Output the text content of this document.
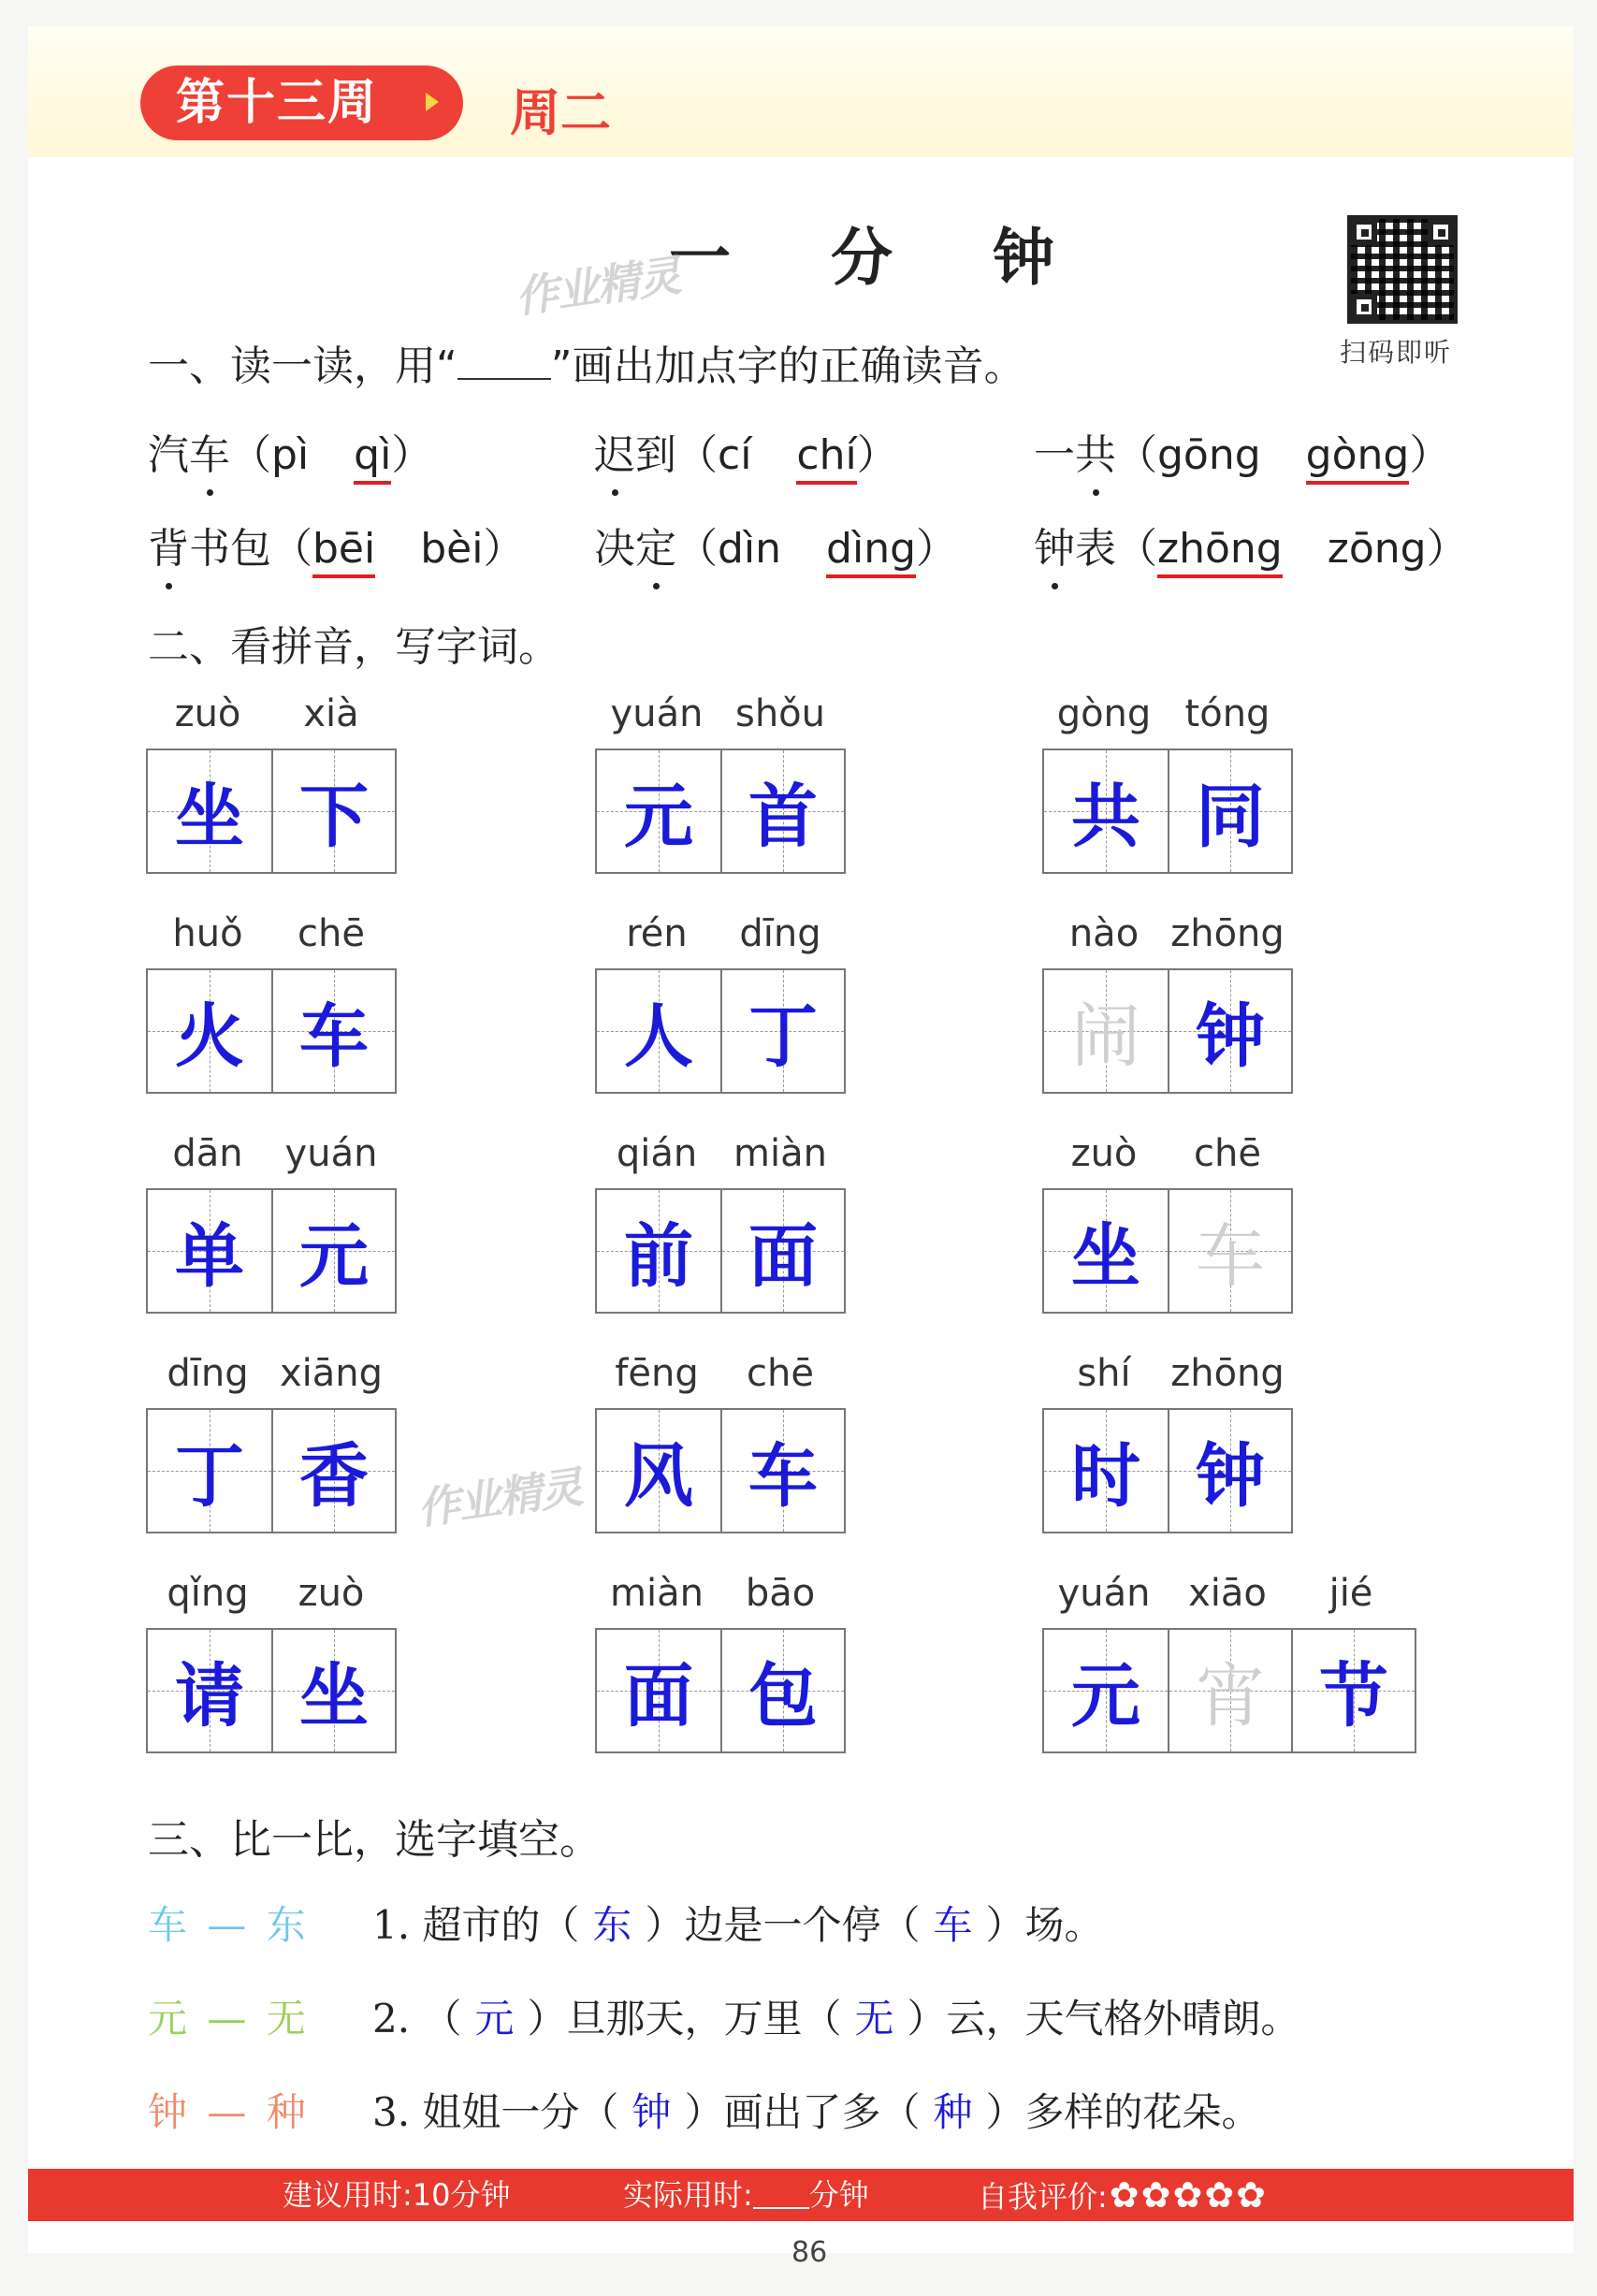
第十三周	周二
一 分 钟
扫码即听
作业精灵
作业精灵
一、读一读，用“ ”画出加点字的正确读音。
汽车（pì qì）	迟到（cí chí）	一共（gōng gòng）
背书包（bēi bèi） 决定（dìn dìng） 钟表（zhōng zōng）
二、看拼音，写字词。
zuò	xià
坐 下
yuán shǒu
元 首
gòng tóng
共 同
huǒ	chē
火 车
rén	dīng
人 丁
nào zhōng
闹 钟
dān	yuán
单 元
qián miàn
前 面
zuò	chē
坐 车
dīng xiāng
丁 香
fēng	chē
风 车
shí	zhōng
时 钟
qǐng	zuò
请 坐
miàn	bāo
面 包
yuán	xiāo	jié
元 宵 节
三、比一比，选字填空。
车 — 东 1. 超市的（ 东 ）边是一个停（ 车 ）场。
元 — 无 2. （ 元 ）旦那天，万里（ 无 ）云，天气格外晴朗。
钟 — 种 3. 姐姐一分（ 钟 ）画出了多（ 种 ）多样的花朵。
建议用时:10分钟	实际用时: 分钟	自我评价:✿✿✿✿✿
86
